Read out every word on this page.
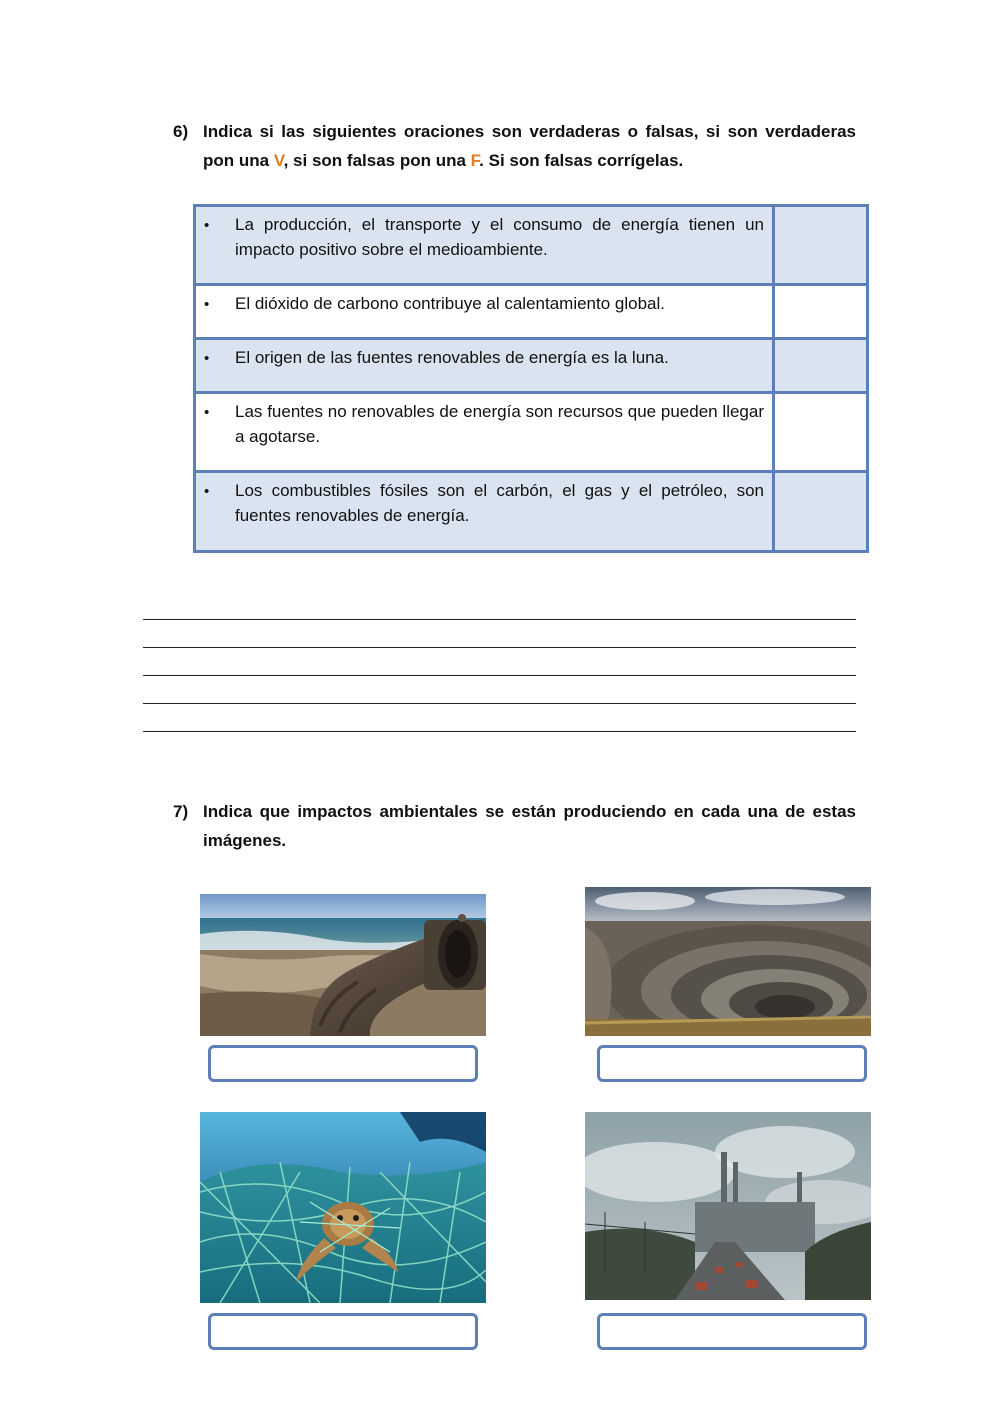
6) Indica si las siguientes oraciones son verdaderas o falsas, si son verdaderas pon una V, si son falsas pon una F. Si son falsas corrígelas.
• La producción, el transporte y el consumo de energía tienen un impacto positivo sobre el medioambiente.

• El dióxido de carbono contribuye al calentamiento global.

• El origen de las fuentes renovables de energía es la luna.

• Las fuentes no renovables de energía son recursos que pueden llegar a agotarse.

• Los combustibles fósiles son el carbón, el gas y el petróleo, son fuentes renovables de energía.

7) Indica que impactos ambientales se están produciendo en cada una de estas imágenes.
